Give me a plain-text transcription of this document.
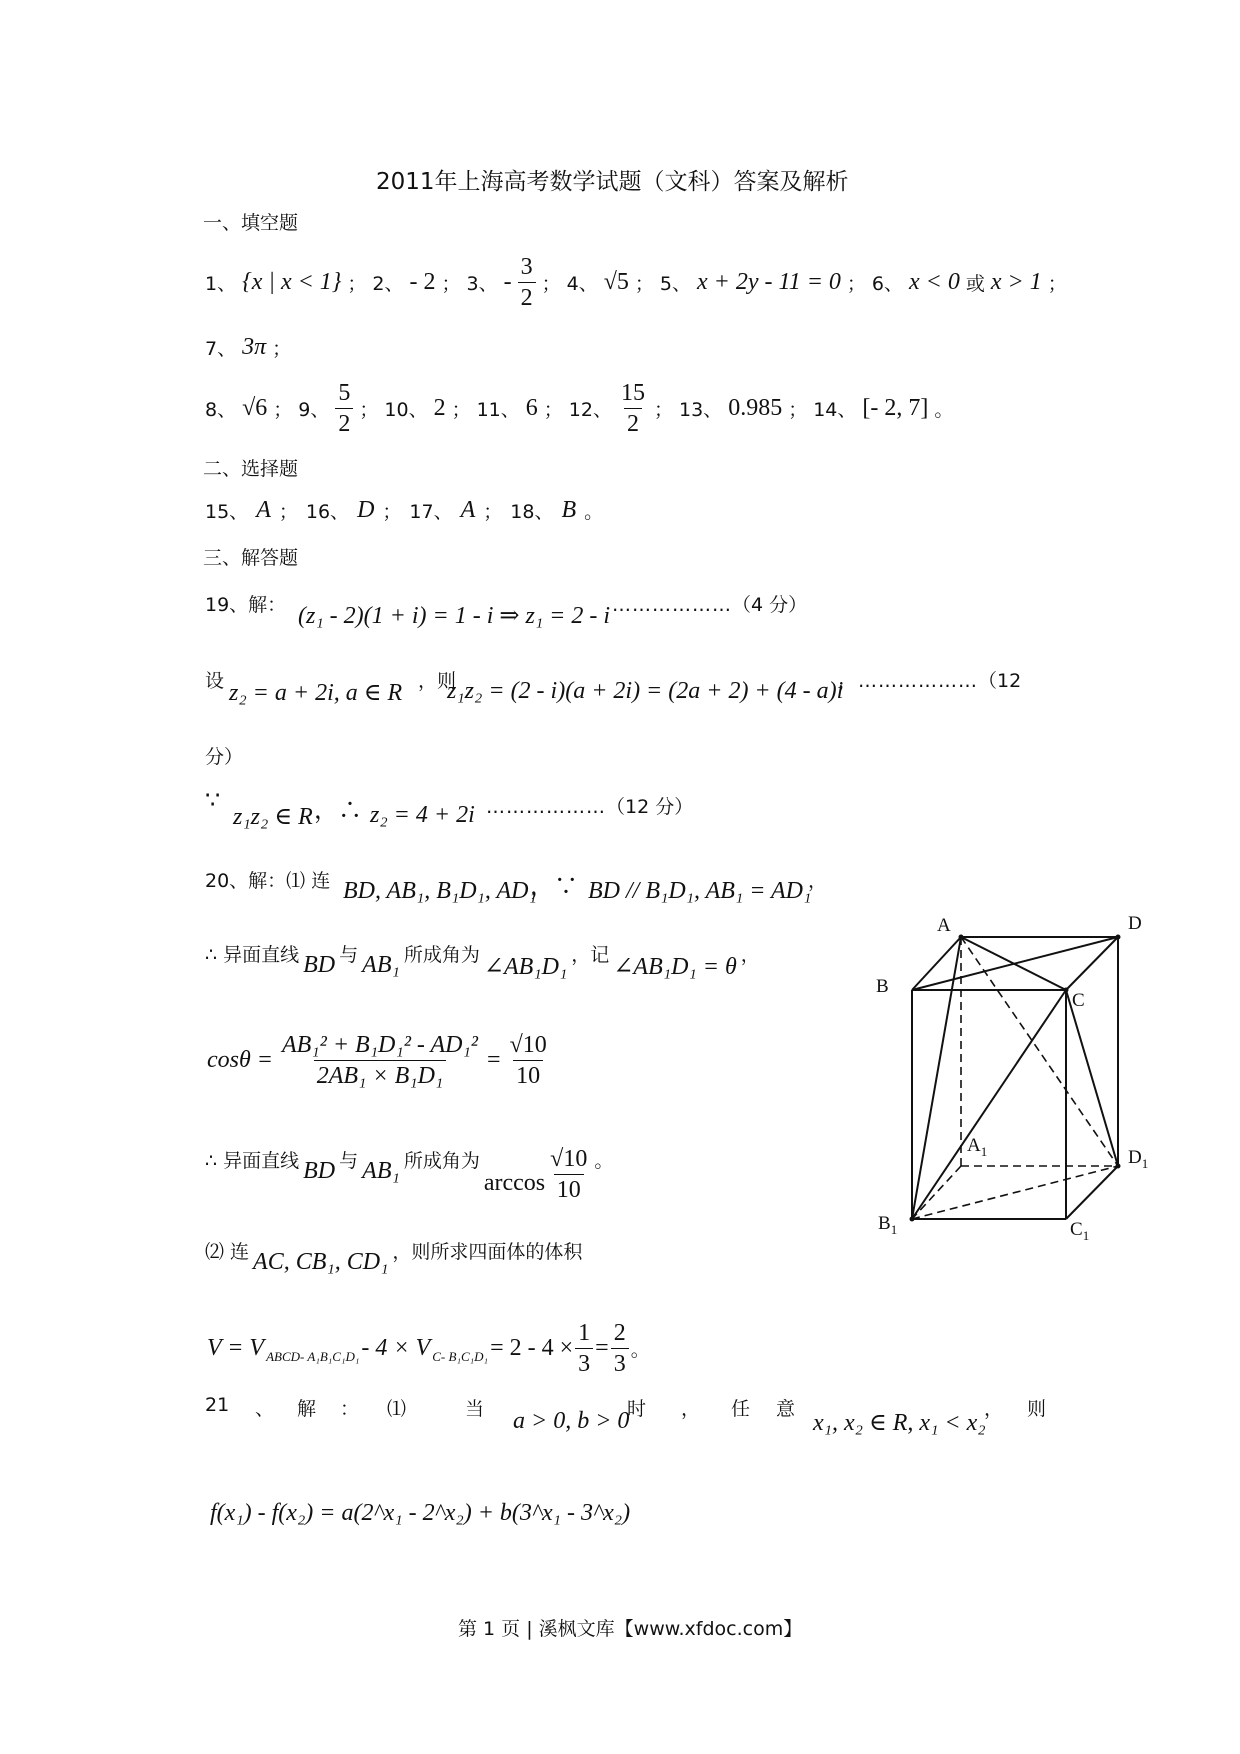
2011年上海高考数学试题（文科）答案及解析
一、填空题
1、 {x | x < 1} ； 2、 - 2 ； 3、 - $\frac{3}{2}$ ； 4、 √5 ； 5、 x + 2y - 11 = 0 ； 6、 x < 0 或 x > 1 ；
7、 3π ；
8、 √6 ； 9、 $\frac{5}{2}$ ； 10、 2 ； 11、 6 ； 12、 $\frac{15}{2}$ ； 13、 0.985 ； 14、 [- 2, 7] 。
二、选择题
15、 A ； 16、 D ； 17、 A ； 18、 B 。
三、解答题
19、解： (z₁ - 2)(1 + i) = 1 - i ⇒ z₁ = 2 - i ………………（4 分）
设 z₂ = a + 2i, a ∈ R ，则
z₁z₂ = (2 - i)(a + 2i) = (2a + 2) + (4 - a)i
，………………（12
分）
∵
z₁z₂ ∈ R ，∴ z₂ = 4 + 2i ………………（12 分）
20、解：⑴ 连 BD, AB₁, B₁D₁, AD₁
，∵ BD // B₁D₁, AB₁ = AD₁
，
∴ 异面直线 BD 与 AB₁ 所成角为 ∠AB₁D₁ ，记 ∠AB₁D₁ = θ ，
$\cos\theta = \frac{\text{AB₁² + B₁D₁² - AD₁²}}{\text{2AB₁ × B₁D₁}} = \frac{√10}{10}$
∴ 异面直线 BD 与 AB₁ 所成角为
$\arccos \frac{√10}{10}$ 。
⑵ 连 AC, CB₁, CD₁ ，则所求四面体的体积
$V = V_{ABCD- A_1B_1C_1D_1} - 4 \times V_{C- B_1C_1D_1} = 2 - 4 \times \frac{1}{3} = \frac{2}{3}$ 。
21 、 解 ： ⑴	当 a > 0, b > 0
时 ， 任 意
x₁, x₂ ∈ R, x₁ < x₂
， 则
f(x₁) - f(x₂) = a(2^x₁ - 2^x₂) + b(3^x₁ - 3^x₂)
A	D
B
C
$A_1$	$D_1$
$B_1$	$C_1$
第 1 页 | 溪枫文库【www.xfdoc.com】
